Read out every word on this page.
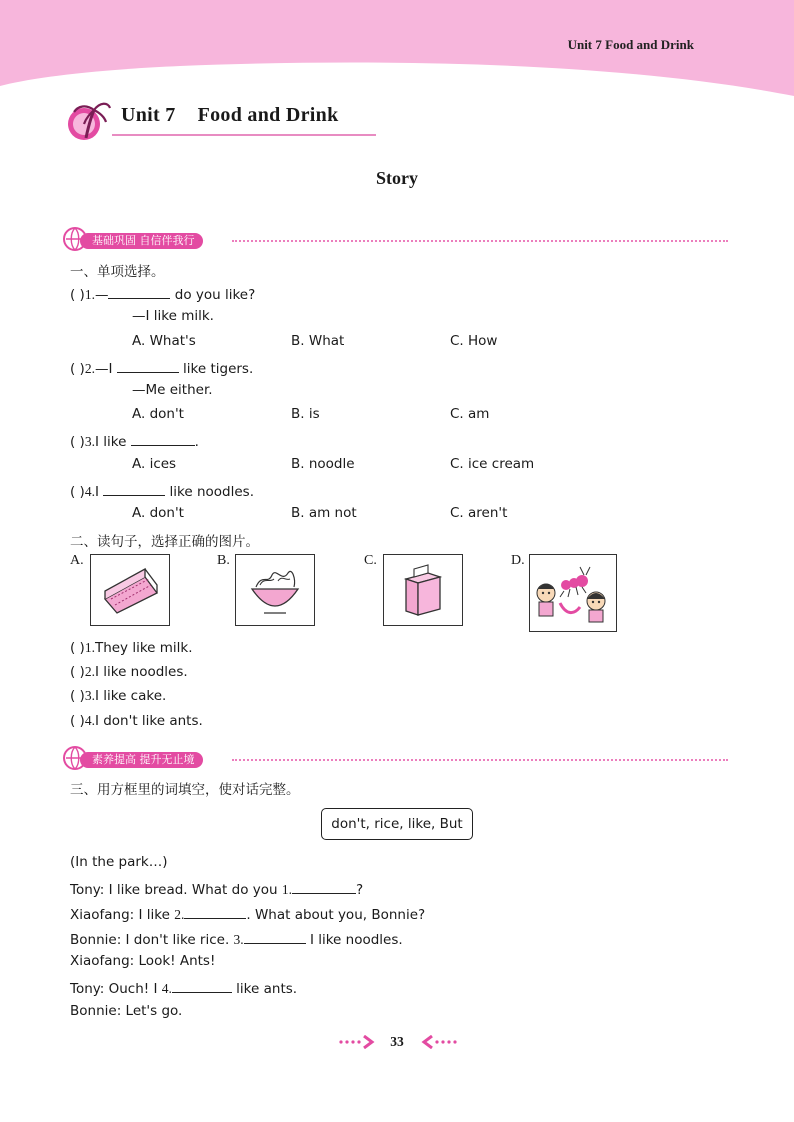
Unit 7 Food and Drink
Unit 7 Food and Drink
Story
基础巩固 自信伴我行
一、单项选择。
( )1.—	do you like?
—I like milk.
A. What's	B. What	C. How
( )2.—I	like tigers.
—Me either.
A. don't	B. is	C. am
( )3.I like	.
A. ices	B. noodle	C. ice cream
( )4.I	like noodles.
A. don't	B. am not	C. aren't
二、读句子，选择正确的图片。
A.	B.	C.	D.
( )1.They like milk.
( )2.I like noodles.
( )3.I like cake.
( )4.I don't like ants.
素养提高 提升无止境
三、用方框里的词填空，使对话完整。
don't, rice, like, But
(In the park…)
Tony: I like bread. What do you 1.	?
Xiaofang: I like 2.	. What about you, Bonnie?
Bonnie: I don't like rice. 3.	I like noodles.
Xiaofang: Look! Ants!
Tony: Ouch! I 4.	like ants.
Bonnie: Let's go.
33
